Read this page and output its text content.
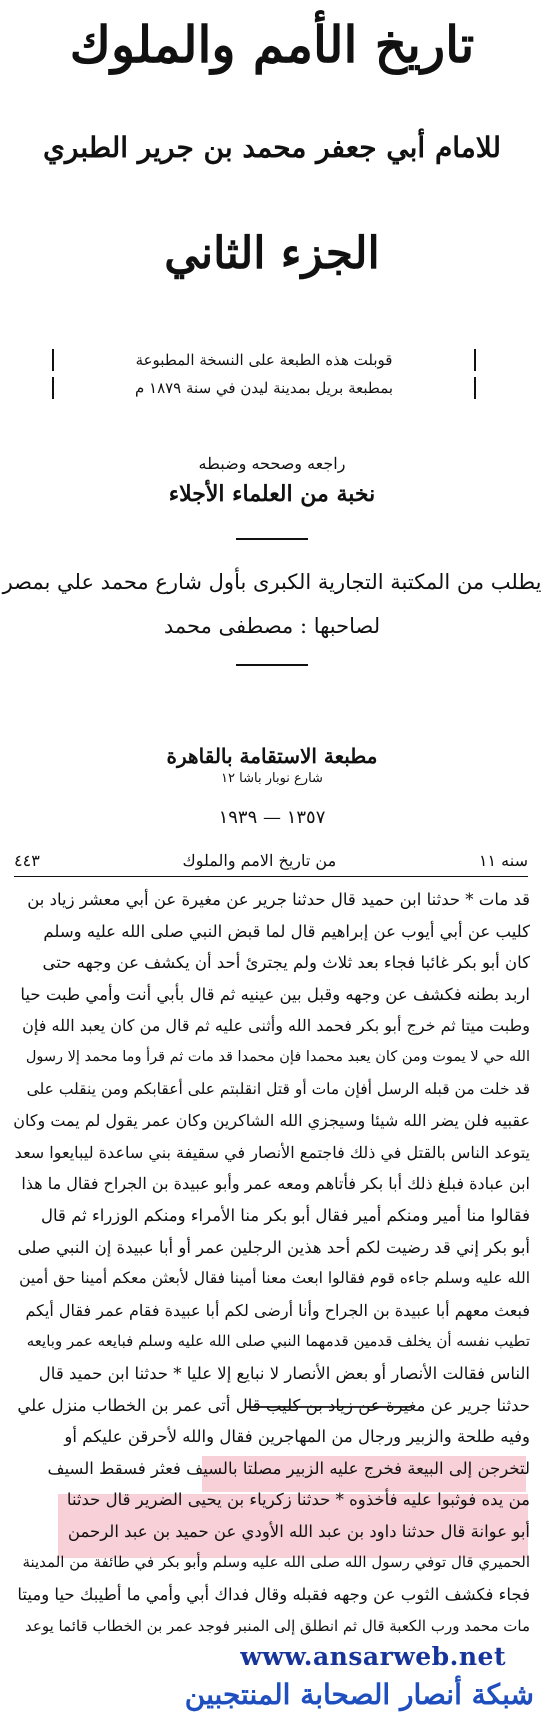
تاريخ الأمم والملوك
للامام أبي جعفر محمد بن جرير الطبري
الجزء الثاني
قوبلت هذه الطبعة على النسخة المطبوعة
بمطبعة بريل بمدينة ليدن في سنة ١٨٧٩ م
راجعه وصححه وضبطه
نخبة من العلماء الأجلاء
يطلب من المكتبة التجارية الكبرى بأول شارع محمد علي بمصر
لصاحبها : مصطفى محمد
مطبعة الاستقامة بالقاهرة
شارع نوبار باشا ١٢
١٣٥٧ — ١٩٣٩
٤٤٣	من تاريخ الامم والملوك	سنه ١١
قد مات * حدثنا ابن حميد قال حدثنا جرير عن مغيرة عن أبي معشر زياد بن
كليب عن أبي أيوب عن إبراهيم قال لما قبض النبي صلى الله عليه وسلم
كان أبو بكر غائبا فجاء بعد ثلاث ولم يجترئ أحد أن يكشف عن وجهه حتى
اربد بطنه فكشف عن وجهه وقبل بين عينيه ثم قال بأبي أنت وأمي طبت حيا
وطبت ميتا ثم خرج أبو بكر فحمد الله وأثنى عليه ثم قال من كان يعبد الله فإن
الله حي لا يموت ومن كان يعبد محمدا فإن محمدا قد مات ثم قرأ وما محمد إلا رسول
قد خلت من قبله الرسل أفإن مات أو قتل انقلبتم على أعقابكم ومن ينقلب على
عقبيه فلن يضر الله شيئا وسيجزي الله الشاكرين وكان عمر يقول لم يمت وكان
يتوعد الناس بالقتل في ذلك فاجتمع الأنصار في سقيفة بني ساعدة ليبايعوا سعد
ابن عبادة فبلغ ذلك أبا بكر فأتاهم ومعه عمر وأبو عبيدة بن الجراح فقال ما هذا
فقالوا منا أمير ومنكم أمير فقال أبو بكر منا الأمراء ومنكم الوزراء ثم قال
أبو بكر إني قد رضيت لكم أحد هذين الرجلين عمر أو أبا عبيدة إن النبي صلى
الله عليه وسلم جاءه قوم فقالوا ابعث معنا أمينا فقال لأبعثن معكم أمينا حق أمين
فبعث معهم أبا عبيدة بن الجراح وأنا أرضى لكم أبا عبيدة فقام عمر فقال أيكم
تطيب نفسه أن يخلف قدمين قدمهما النبي صلى الله عليه وسلم فبايعه عمر وبايعه
الناس فقالت الأنصار أو بعض الأنصار لا نبايع إلا عليا * حدثنا ابن حميد قال
حدثنا جرير عن مغيرة عن زياد بن كليب قال أتى عمر بن الخطاب منزل علي
وفيه طلحة والزبير ورجال من المهاجرين فقال والله لأحرقن عليكم أو
لتخرجن إلى البيعة فخرج عليه الزبير مصلتا بالسيف فعثر فسقط السيف
من يده فوثبوا عليه فأخذوه * حدثنا زكرياء بن يحيى الضرير قال حدثنا
أبو عوانة قال حدثنا داود بن عبد الله الأودي عن حميد بن عبد الرحمن
الحميري قال توفي رسول الله صلى الله عليه وسلم وأبو بكر في طائفة من المدينة
فجاء فكشف الثوب عن وجهه فقبله وقال فداك أبي وأمي ما أطيبك حيا وميتا
مات محمد ورب الكعبة قال ثم انطلق إلى المنبر فوجد عمر بن الخطاب قائما يوعد
www.ansarweb.net
شبكة أنصار الصحابة المنتجبين
